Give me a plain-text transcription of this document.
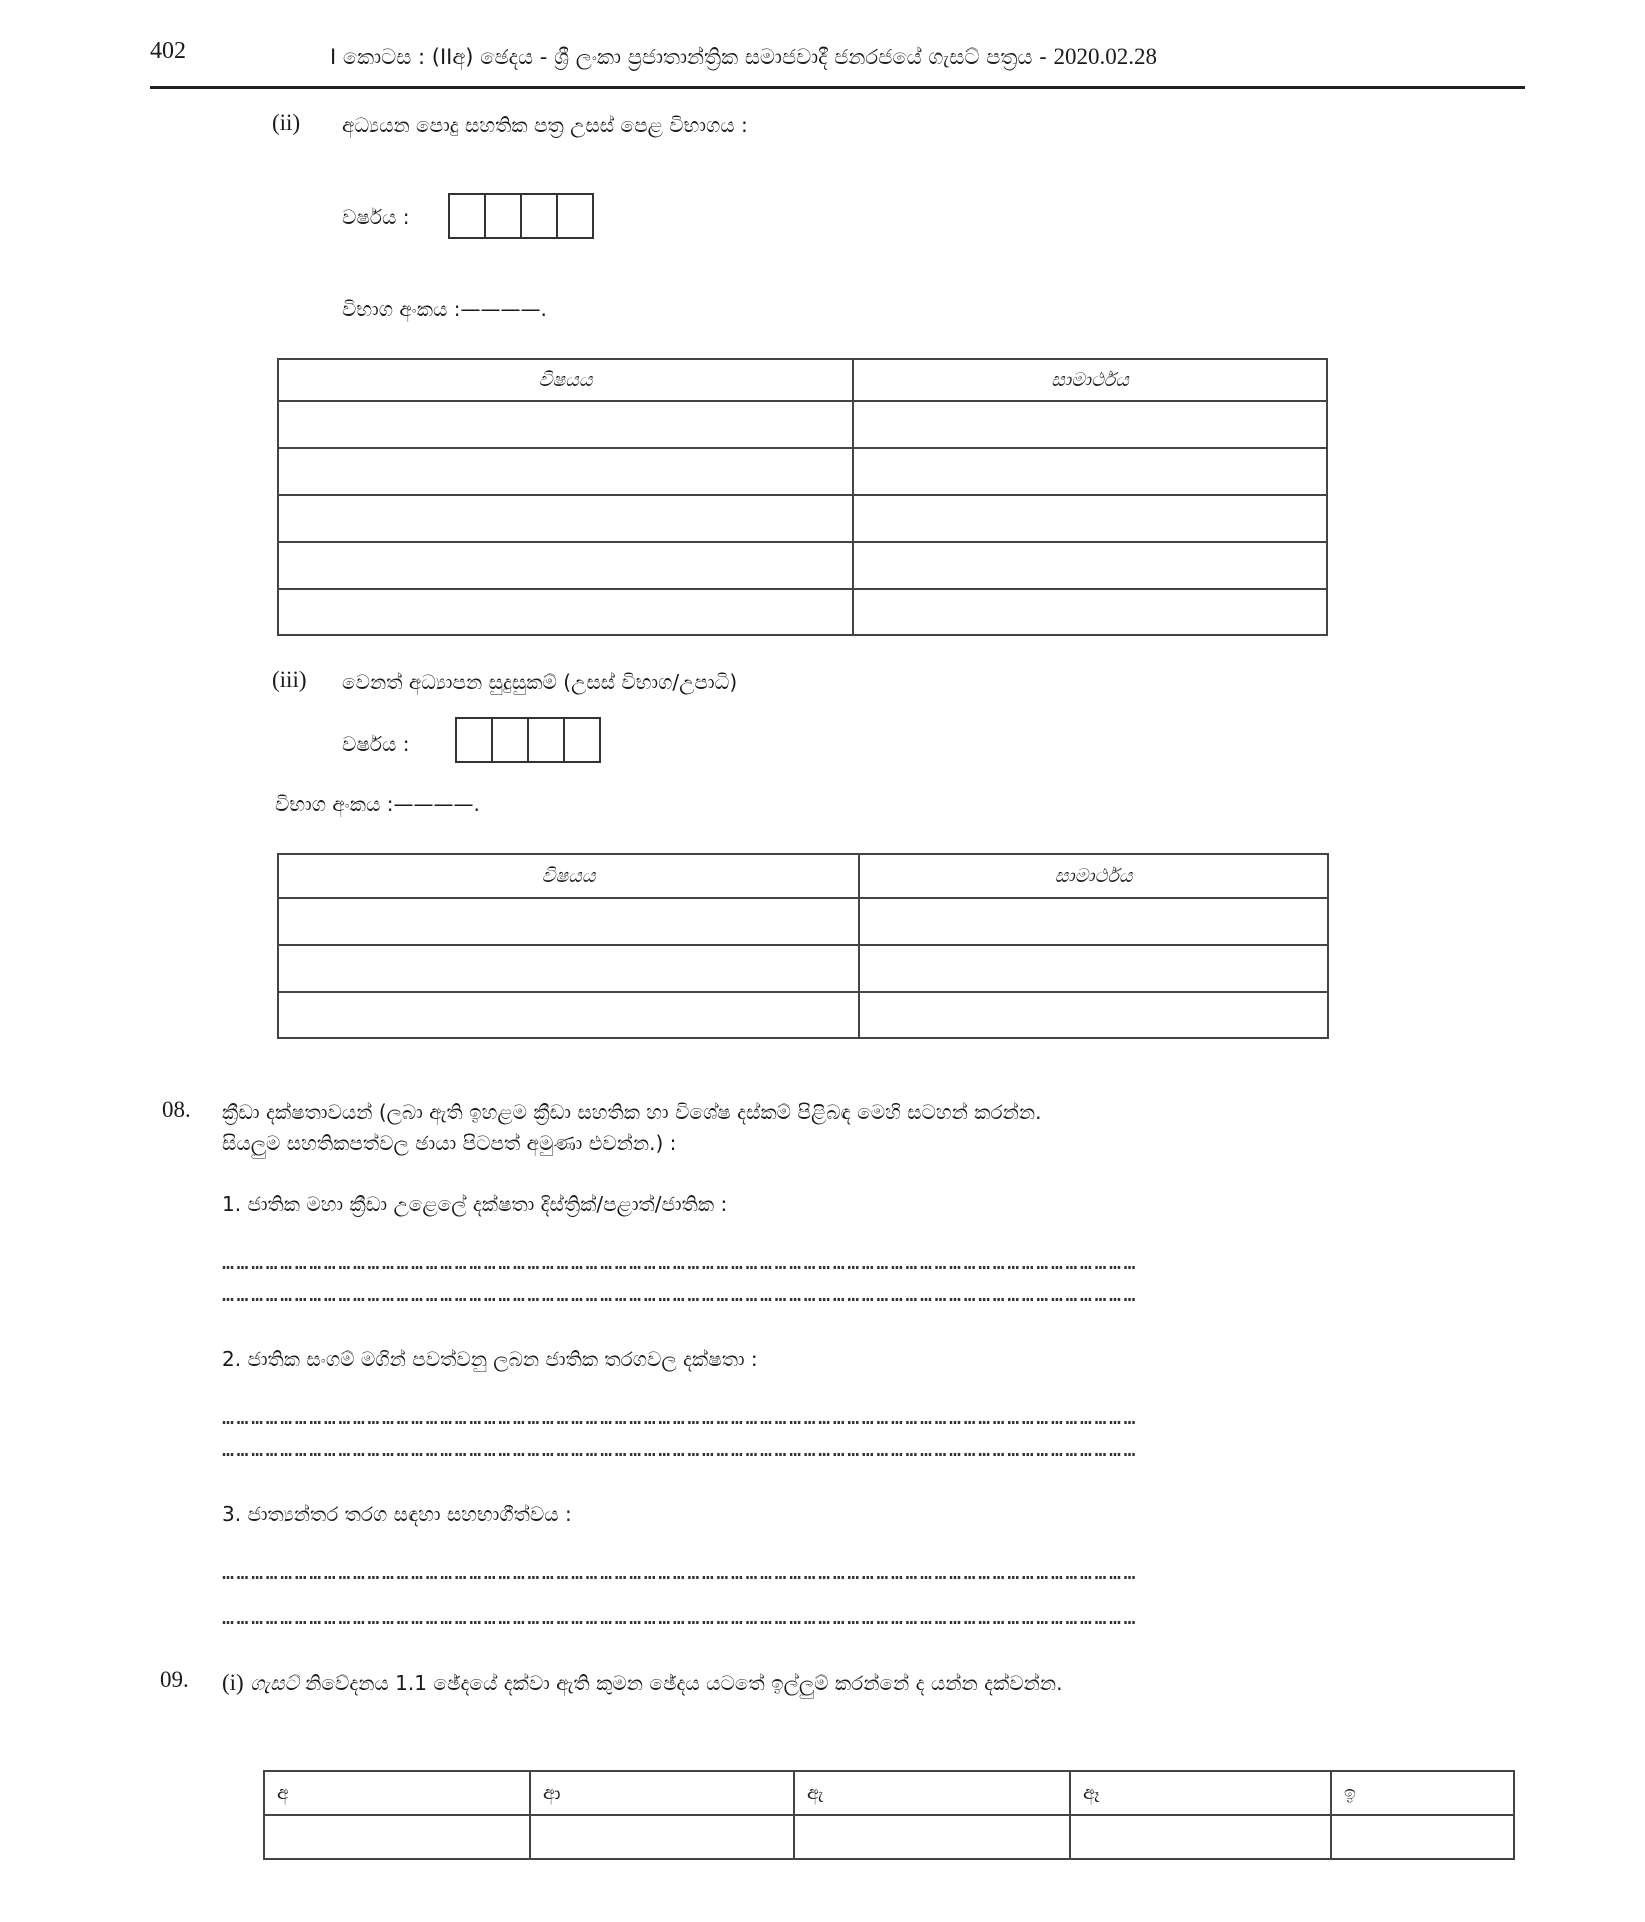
402	I කොටස : (IIඅ) ඡෙදය - ශ්‍රී ලංකා ප්‍රජාතාන්ත්‍රික සමාජවාදී ජනරජයේ ගැසට් පත්‍රය - 2020.02.28
(ii) අධ්‍යයන පොදු සහතික පත්‍ර උසස් පෙළ විභාගය :
වර්ෂය :
විභාග අංකය :————.
විෂයය	සාමාර්ථය

(iii) වෙනත් අධ්‍යාපන සුදුසුකම් (උසස් විභාග/උපාධි)
වර්ෂය :
විභාග අංකය :————.
විෂයය	සාමාර්ථය

08. ක්‍රීඩා දක්ෂතාවයන් (ලබා ඇති ඉහළම ක්‍රීඩා සහතික හා විශේෂ දස්කම් පිළිබඳ මෙහි සටහන් කරන්න.
සියලුම සහතිකපත්වල ඡායා පිටපත් අමුණා එවන්න.) :
1. ජාතික මහා ක්‍රීඩා උළෙලේ දක්ෂතා දිස්ත්‍රික්/පළාත්/ජාතික :
………………………………………………………………………………………………………………………………………………………………………
………………………………………………………………………………………………………………………………………………………………………
2. ජාතික සංගම් මගින් පවත්වනු ලබන ජාතික තරගවල දක්ෂතා :
………………………………………………………………………………………………………………………………………………………………………
………………………………………………………………………………………………………………………………………………………………………
3. ජාත්‍යන්තර තරග සඳහා සහභාගීත්වය :
………………………………………………………………………………………………………………………………………………………………………
………………………………………………………………………………………………………………………………………………………………………
09. (i) ගැසට් නිවේදනය 1.1 ඡේදයේ දක්වා ඇති කුමන ඡේදය යටතේ ඉල්ලුම් කරන්නේ ද යන්න දක්වන්න.
අ	ආ	ඇ	ඈ	ඉ
